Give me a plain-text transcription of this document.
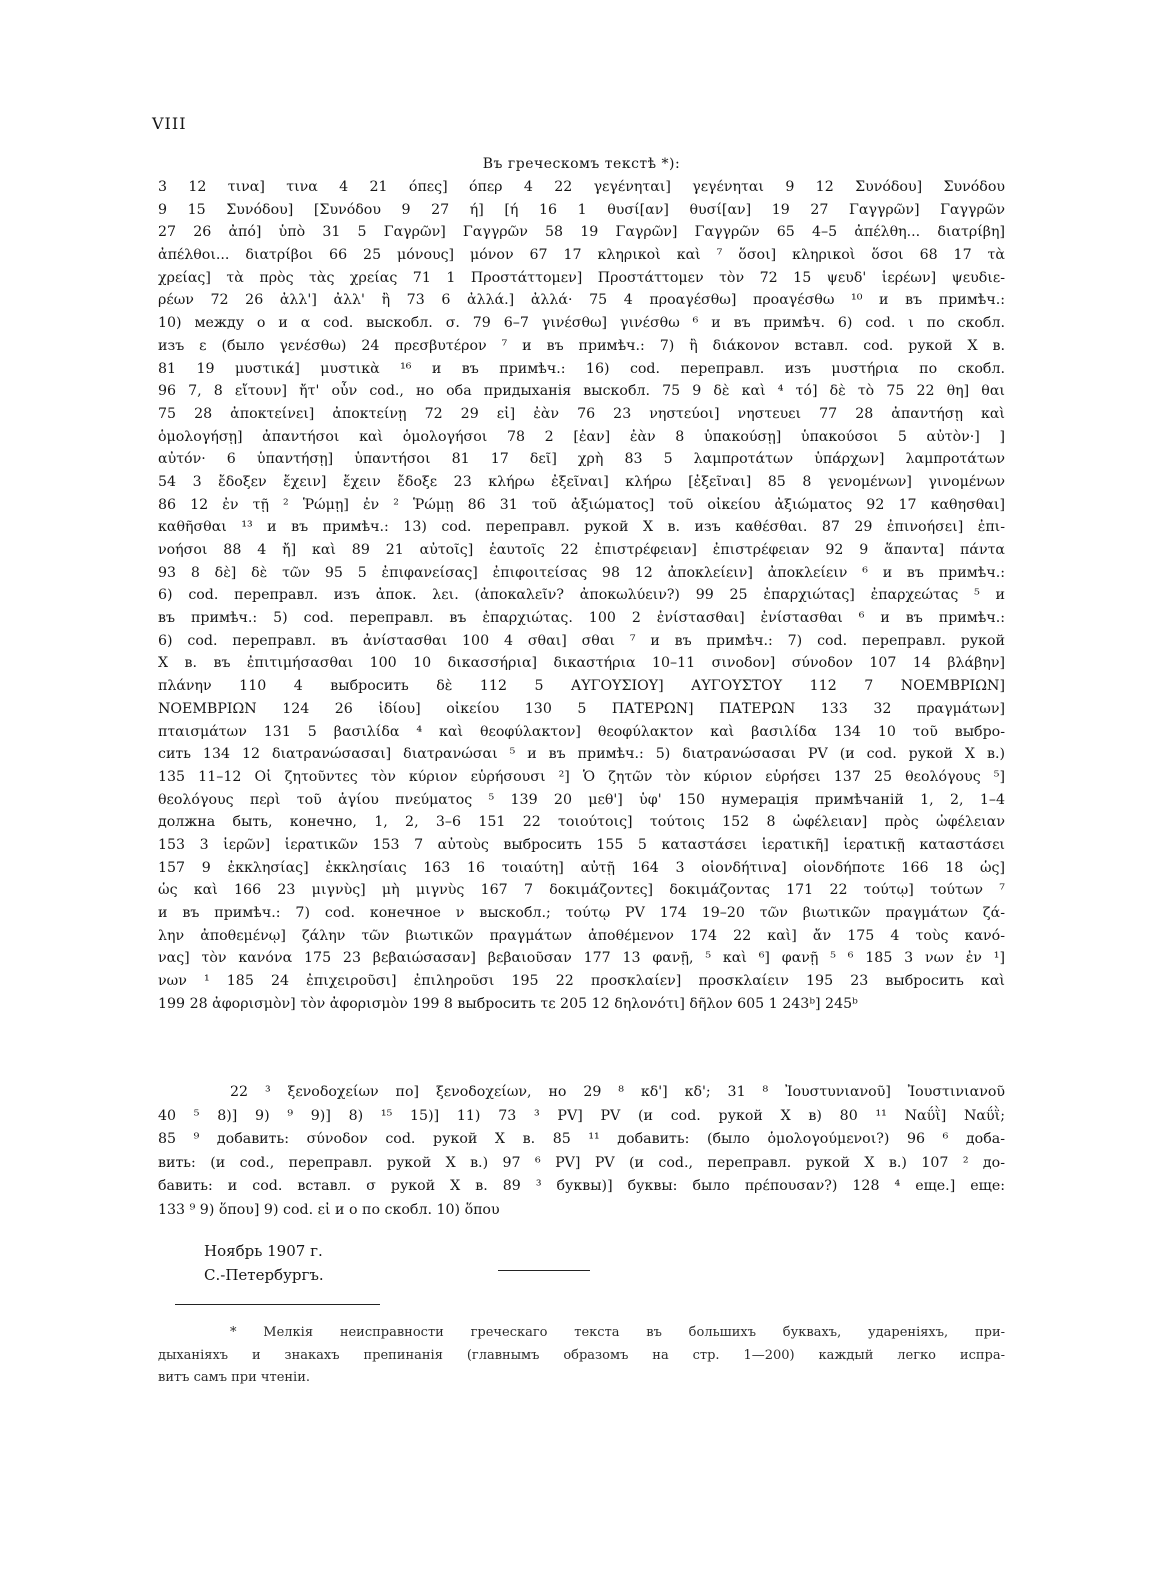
VIII
Въ греческомъ текстѣ *):
3 12 τινα] τινα 4 21 όπες] όπερ 4 22 γεγένηται] γεγένηται 9 12 Συνόδου] Συνόδου
9 15 Συνόδου] [Συνόδου 9 27 ή] [ή 16 1 θυσί[αν] θυσί[αν] 19 27 Γαγγρῶν] Γαγγρῶν
27 26 ἀπό] ὑπὸ 31 5 Γαγρῶν] Γαγγρῶν 58 19 Γαγρῶν] Γαγγρῶν 65 4–5 ἀπέλθη... διατρίβη]
ἀπέλθοι... διατρίβοι 66 25 μόνους] μόνον 67 17 κληρικοὶ καὶ ⁷ ὅσοι] κληρικοὶ ὅσοι 68 17 τὰ
χρείας] τὰ πρὸς τὰς χρείας 71 1 Προστάττομεν] Προστάττομεν τὸν 72 15 ψευδ' ἱερέων] ψευδιε-
ρέων 72 26 ἀλλ'] ἀλλ' ἢ 73 6 ἀλλά.] ἀλλά· 75 4 προαγέσθω] προαγέσθω ¹⁰ и въ примѣч.:
10) между ο и α cod. выскобл. σ. 79 6–7 γινέσθω] γινέσθω ⁶ и въ примѣч. 6) cod. ι по скобл.
изъ ε (было γενέσθω) 24 πρεσβυτέρον ⁷ и въ примѣч.: 7) ἢ διάκονον вставл. cod. рукой X в.
81 19 μυστικά] μυστικὰ ¹⁶ и въ примѣч.: 16) cod. переправл. изъ μυστήρια по скобл.
96 7, 8 εἴτουν] ἤτ' οὖν cod., но оба придыханія выскобл. 75 9 δὲ καὶ ⁴ τό] δὲ τὸ 75 22 θη] θαι
75 28 ἀποκτείνει] ἀποκτείνῃ 72 29 εἰ] ἐὰν 76 23 νηστεύοι] νηστευει 77 28 ἀπαντήσῃ καὶ
ὁμολογήσῃ] ἀπαντήσοι καὶ ὁμολογήσοι 78 2 [ἐαν] ἐὰν 8 ὑπακούσῃ] ὑπακούσοι 5 αὐτὸν·] ]
αὐτόν· 6 ὑπαντήσῃ] ὑπαντήσοι 81 17 δεῖ] χρὴ 83 5 λαμπροτάτων ὑπάρχων] λαμπροτάτων
54 3 ἔδοξεν ἔχειν] ἔχειν ἔδοξε 23 κλήρω ἐξεῖναι] κλήρω [ἐξεῖναι] 85 8 γενομένων] γινομένων
86 12 ἐν τῇ ² Ῥώμῃ] ἐν ² Ῥώμῃ 86 31 τοῦ ἀξιώματος] τοῦ οἰκείου ἀξιώματος 92 17 καθησθαι]
καθῆσθαι ¹³ и въ примѣч.: 13) cod. переправл. рукой X в. изъ καθέσθαι. 87 29 ἐπινοήσει] ἐπι-
νοήσοι 88 4 ἤ] καὶ 89 21 αὐτοῖς] ἑαυτοῖς 22 ἐπιστρέφειαν] ἐπιστρέφειαν 92 9 ἅπαντα] πάντα
93 8 δὲ] δὲ τῶν 95 5 ἐπιφανείσας] ἐπιφοιτείσας 98 12 ἀποκλείειν] ἀποκλείειν ⁶ и въ примѣч.:
6) cod. переправл. изъ ἀποκ. λει. (ἀποκαλεῖν? ἀποκωλύειν?) 99 25 ἐπαρχιώτας] ἐπαρχεώτας ⁵ и
въ примѣч.: 5) cod. переправл. въ ἐπαρχιώτας. 100 2 ἐνίστασθαι] ἐνίστασθαι ⁶ и въ примѣч.:
6) cod. переправл. въ ἀνίστασθαι 100 4 σθαι] σθαι ⁷ и въ примѣч.: 7) cod. переправл. рукой
X в. въ ἐπιτιμήσασθαι 100 10 δικασσήρια] δικαστήρια 10–11 σινοδον] σύνοδον 107 14 βλάβην]
πλάνην 110 4 выбросить δὲ 112 5 ΑΥΓΟΥΣΙΟΥ] ΑΥΓΟΥΣΤΟΥ 112 7 ΝΟΕΜΒΡΙΩΝ]
ΝΟΕΜΒΡΙΩΝ 124 26 ἰδίου] οἰκείου 130 5 ΠΑΤΕΡΩΝ] ΠΑΤΕΡΩΝ 133 32 πραγμάτων]
πταισμάτων 131 5 βασιλίδα ⁴ καὶ θεοφύλακτον] θεοφύλακτον καὶ βασιλίδα 134 10 τοῦ выбро-
сить 134 12 διατρανώσασαι] διατρανώσαι ⁵ и въ примѣч.: 5) διατρανώσασαι PV (и cod. рукой X в.)
135 11–12 Οἱ ζητοῦντες τὸν κύριον εὑρήσουσι ²] Ὁ ζητῶν τὸν κύριον εὑρήσει 137 25 θεολόγους ⁵]
θεολόγους περὶ τοῦ ἁγίου πνεύματος ⁵ 139 20 μεθ'] ὑφ' 150 нумерація примѣчаній 1, 2, 1–4
должна быть, конечно, 1, 2, 3–6 151 22 τοιούτοις] τούτοις 152 8 ὠφέλειαν] πρὸς ὠφέλειαν
153 3 ἱερῶν] ἱερατικῶν 153 7 αὐτοὺς выбросить 155 5 καταστάσει ἱερατικῆ] ἱερατικῇ καταστάσει
157 9 ἐκκλησίας] ἐκκλησίαις 163 16 τοιαύτη] αὐτῇ 164 3 οἱονδήτινα] οἱονδήποτε 166 18 ὡς]
ὡς καὶ 166 23 μιγνὺς] μὴ μιγνὺς 167 7 δοκιμάζοντες] δοκιμάζοντας 171 22 τούτῳ] τούτων ⁷
и въ примѣч.: 7) cod. конечное ν выскобл.; τούτῳ PV 174 19–20 τῶν βιωτικῶν πραγμάτων ζά-
λην ἀποθεμένῳ] ζάλην τῶν βιωτικῶν πραγμάτων ἀποθέμενον 174 22 καὶ] ἄν 175 4 τοὺς κανό-
νας] τὸν κανόνα 175 23 βεβαιώσασαν] βεβαιοῦσαν 177 13 φανῇ, ⁵ καὶ ⁶] φανῇ ⁵ ⁶ 185 3 νων ἐν ¹]
νων ¹ 185 24 ἐπιχειροῦσι] ἐπιληροῦσι 195 22 προσκλαίεν] προσκλαίειν 195 23 выбросить καὶ
199 28 ἀφορισμὸν] τὸν ἀφορισμὸν 199 8 выбросить τε 205 12 δηλονότι] δῆλον 605 1 243ᵇ] 245ᵇ
22 ³ ξενοδοχείων по] ξενοδοχείων, но 29 ⁸ κδ'] κδ'; 31 ⁸ Ἰουστυνιανοῦ] Ἰουστινιανοῦ
40 ⁵ 8)] 9) ⁹ 9)] 8) ¹⁵ 15)] 11) 73 ³ PV] PV (и cod. рукой X в) 80 ¹¹ Ναΰῒ] Ναΰῒ;
85 ⁹ добавить: σύνοδον cod. рукой X в. 85 ¹¹ добавить: (было ὁμολογούμενοι?) 96 ⁶ доба-
вить: (и cod., переправл. рукой X в.) 97 ⁶ PV] PV (и cod., переправл. рукой X в.) 107 ² до-
бавить: и cod. вставл. σ рукой X в. 89 ³ буквы)] буквы: было πρέπουσαν?) 128 ⁴ еще.] еще:
133 ⁹ 9) ὅπου] 9) cod. εἰ и ο по скобл. 10) ὅπου
Ноябрь 1907 г.
С.-Петербургъ.
* Мелкія неисправности греческаго текста въ большихъ буквахъ, удареніяхъ, при-
дыханіяхъ и знакахъ препинанія (главнымъ образомъ на стр. 1—200) каждый легко испра-
витъ самъ при чтеніи.
